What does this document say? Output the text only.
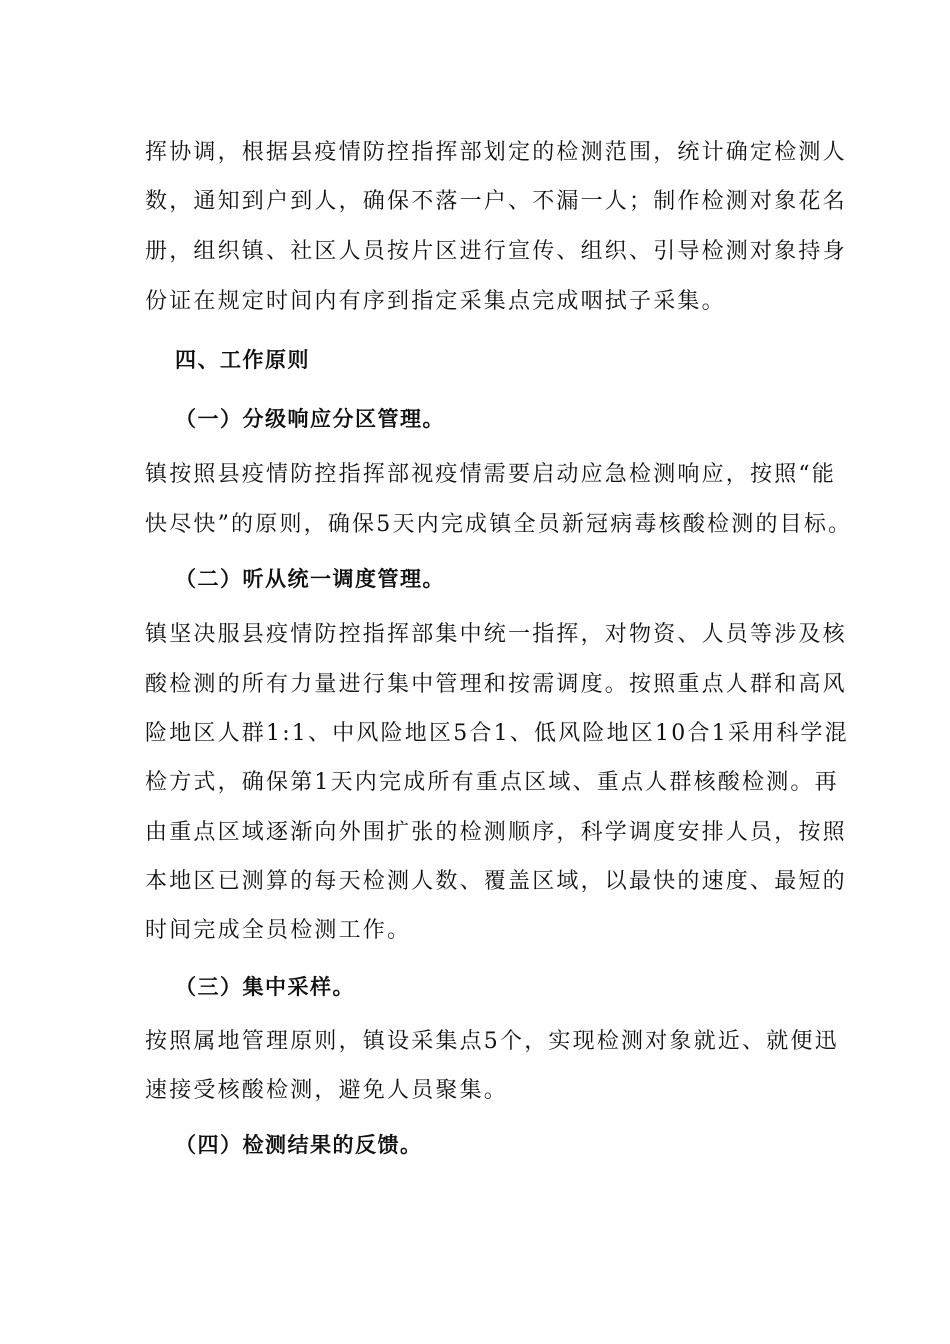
挥协调，根据县疫情防控指挥部划定的检测范围，统计确定检测人
数，通知到户到人，确保不落一户、不漏一人；制作检测对象花名
册，组织镇、社区人员按片区进行宣传、组织、引导检测对象持身
份证在规定时间内有序到指定采集点完成咽拭子采集。
四、工作原则
（一）分级响应分区管理。
镇按照县疫情防控指挥部视疫情需要启动应急检测响应，按照“能
快尽快”的原则，确保5天内完成镇全员新冠病毒核酸检测的目标。
（二）听从统一调度管理。
镇坚决服县疫情防控指挥部集中统一指挥，对物资、人员等涉及核
酸检测的所有力量进行集中管理和按需调度。按照重点人群和高风
险地区人群1:1、中风险地区5合1、低风险地区10合1采用科学混
检方式，确保第1天内完成所有重点区域、重点人群核酸检测。再
由重点区域逐渐向外围扩张的检测顺序，科学调度安排人员，按照
本地区已测算的每天检测人数、覆盖区域，以最快的速度、最短的
时间完成全员检测工作。
（三）集中采样。
按照属地管理原则，镇设采集点5个，实现检测对象就近、就便迅
速接受核酸检测，避免人员聚集。
（四）检测结果的反馈。
